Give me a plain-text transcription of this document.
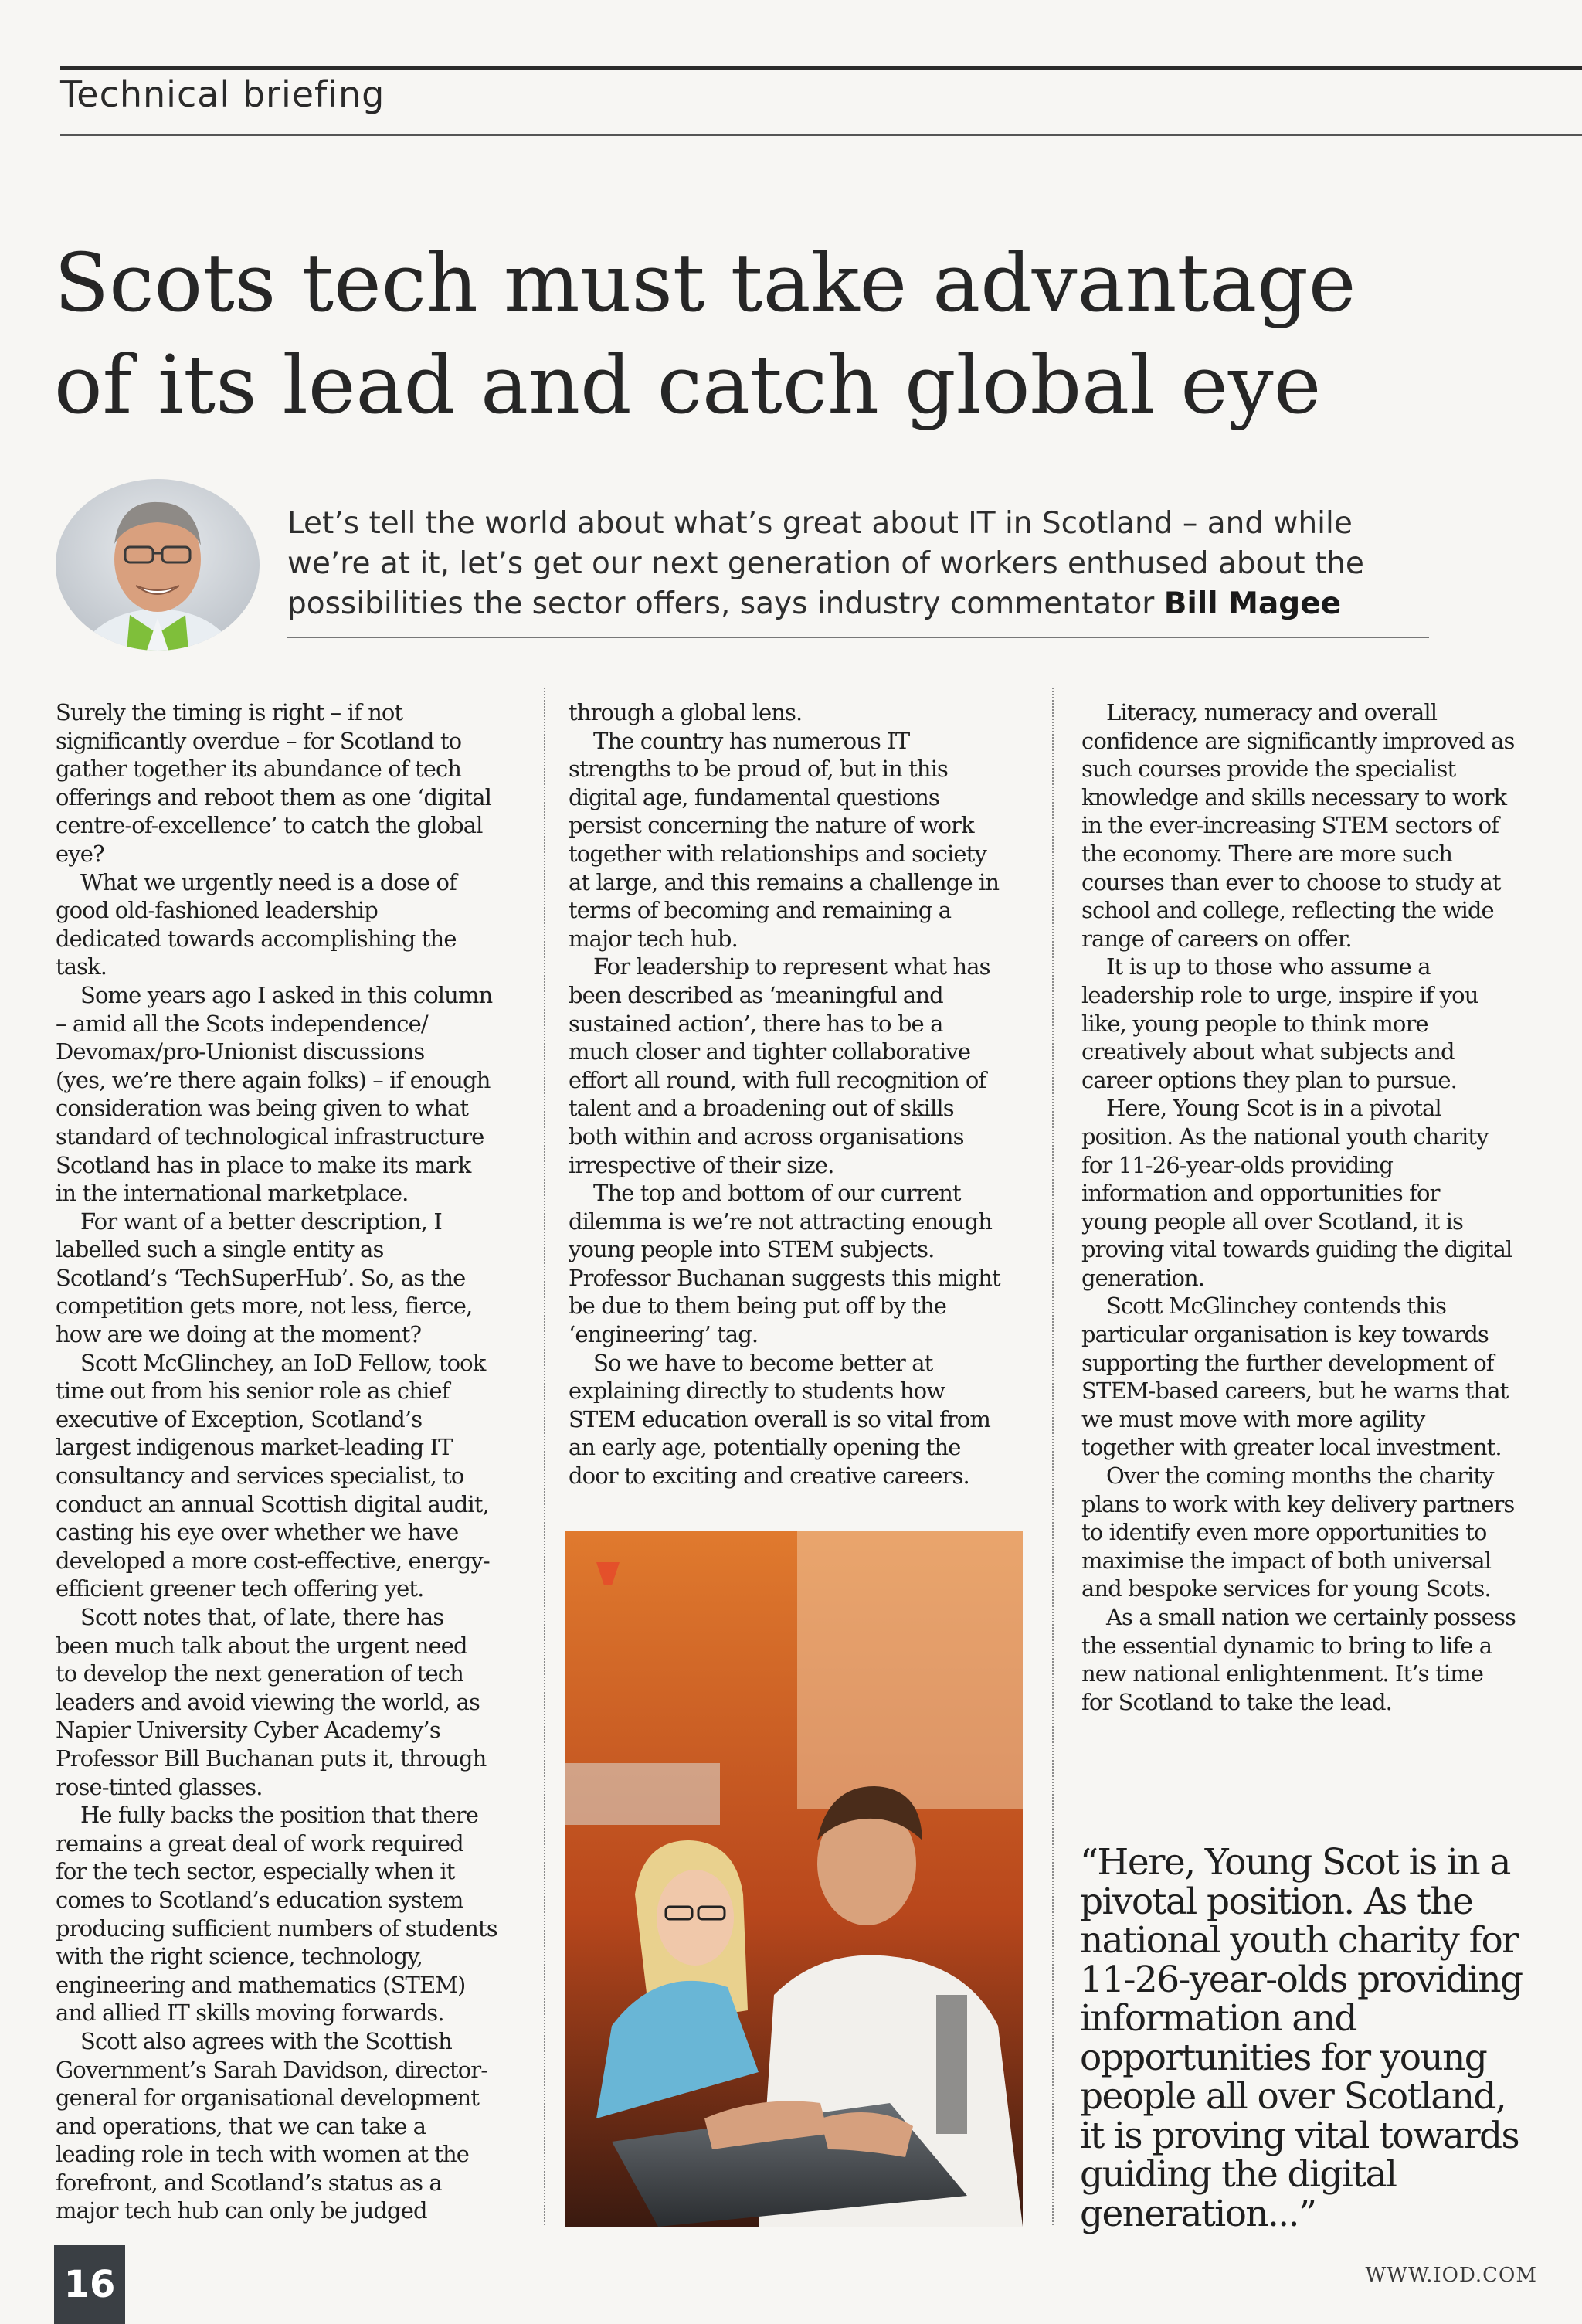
Technical briefing
Scots tech must take advantage
of its lead and catch global eye
Let’s tell the world about what’s great about IT in Scotland – and while
we’re at it, let’s get our next generation of workers enthused about the
possibilities the sector offers, says industry commentator Bill Magee
Surely the timing is right – if not
significantly overdue – for Scotland to
gather together its abundance of tech
offerings and reboot them as one ‘digital
centre-of-excellence’ to catch the global
eye?
What we urgently need is a dose of
good old-fashioned leadership
dedicated towards accomplishing the
task.
Some years ago I asked in this column
– amid all the Scots independence/
Devomax/pro-Unionist discussions
(yes, we’re there again folks) – if enough
consideration was being given to what
standard of technological infrastructure
Scotland has in place to make its mark
in the international marketplace.
For want of a better description, I
labelled such a single entity as
Scotland’s ‘TechSuperHub’. So, as the
competition gets more, not less, fierce,
how are we doing at the moment?
Scott McGlinchey, an IoD Fellow, took
time out from his senior role as chief
executive of Exception, Scotland’s
largest indigenous market-leading IT
consultancy and services specialist, to
conduct an annual Scottish digital audit,
casting his eye over whether we have
developed a more cost-effective, energy-
efficient greener tech offering yet.
Scott notes that, of late, there has
been much talk about the urgent need
to develop the next generation of tech
leaders and avoid viewing the world, as
Napier University Cyber Academy’s
Professor Bill Buchanan puts it, through
rose-tinted glasses.
He fully backs the position that there
remains a great deal of work required
for the tech sector, especially when it
comes to Scotland’s education system
producing sufficient numbers of students
with the right science, technology,
engineering and mathematics (STEM)
and allied IT skills moving forwards.
Scott also agrees with the Scottish
Government’s Sarah Davidson, director-
general for organisational development
and operations, that we can take a
leading role in tech with women at the
forefront, and Scotland’s status as a
major tech hub can only be judged
through a global lens.
The country has numerous IT
strengths to be proud of, but in this
digital age, fundamental questions
persist concerning the nature of work
together with relationships and society
at large, and this remains a challenge in
terms of becoming and remaining a
major tech hub.
For leadership to represent what has
been described as ‘meaningful and
sustained action’, there has to be a
much closer and tighter collaborative
effort all round, with full recognition of
talent and a broadening out of skills
both within and across organisations
irrespective of their size.
The top and bottom of our current
dilemma is we’re not attracting enough
young people into STEM subjects.
Professor Buchanan suggests this might
be due to them being put off by the
‘engineering’ tag.
So we have to become better at
explaining directly to students how
STEM education overall is so vital from
an early age, potentially opening the
door to exciting and creative careers.
Literacy, numeracy and overall
confidence are significantly improved as
such courses provide the specialist
knowledge and skills necessary to work
in the ever-increasing STEM sectors of
the economy. There are more such
courses than ever to choose to study at
school and college, reflecting the wide
range of careers on offer.
It is up to those who assume a
leadership role to urge, inspire if you
like, young people to think more
creatively about what subjects and
career options they plan to pursue.
Here, Young Scot is in a pivotal
position. As the national youth charity
for 11-26-year-olds providing
information and opportunities for
young people all over Scotland, it is
proving vital towards guiding the digital
generation.
Scott McGlinchey contends this
particular organisation is key towards
supporting the further development of
STEM-based careers, but he warns that
we must move with more agility
together with greater local investment.
Over the coming months the charity
plans to work with key delivery partners
to identify even more opportunities to
maximise the impact of both universal
and bespoke services for young Scots.
As a small nation we certainly possess
the essential dynamic to bring to life a
new national enlightenment. It’s time
for Scotland to take the lead.
“Here, Young Scot is in a
pivotal position. As the
national youth charity for
11-26-year-olds providing
information and
opportunities for young
people all over Scotland,
it is proving vital towards
guiding the digital
generation...”
16	WWW.IOD.COM
